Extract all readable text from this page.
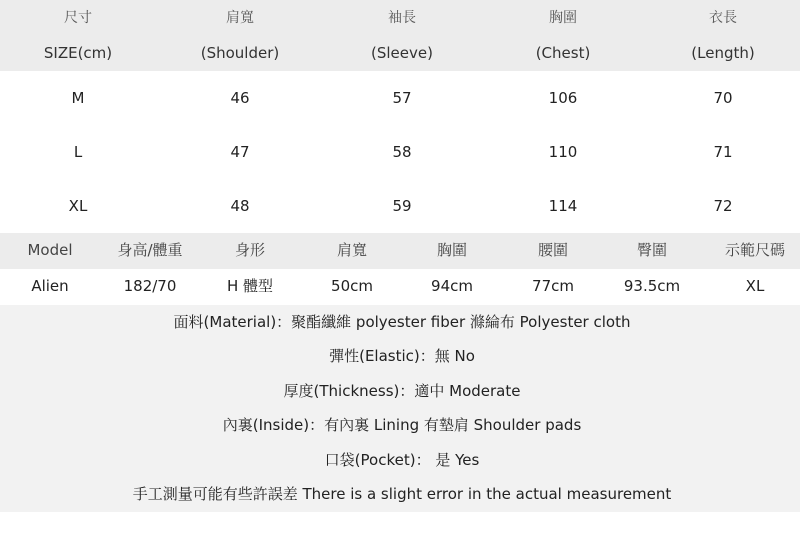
尺寸	肩寬	袖長	胸圍	衣長
SIZE(cm)	(Shoulder)	(Sleeve)	(Chest)	(Length)
M	46	57	106	70
L	47	58	110	71
XL	48	59	114	72
Model	身高/體重	身形	肩寬	胸圍	腰圍	臀圍	示範尺碼
Alien	182/70	H 體型	50cm	94cm	77cm	93.5cm	XL
面料(Material)：聚酯纖維 polyester fiber 滌綸布 Polyester cloth
彈性(Elastic)：無 No
厚度(Thickness)：適中 Moderate
內裏(Inside)：有內裏 Lining 有墊肩 Shoulder pads
口袋(Pocket)： 是 Yes
手工測量可能有些許誤差 There is a slight error in the actual measurement
